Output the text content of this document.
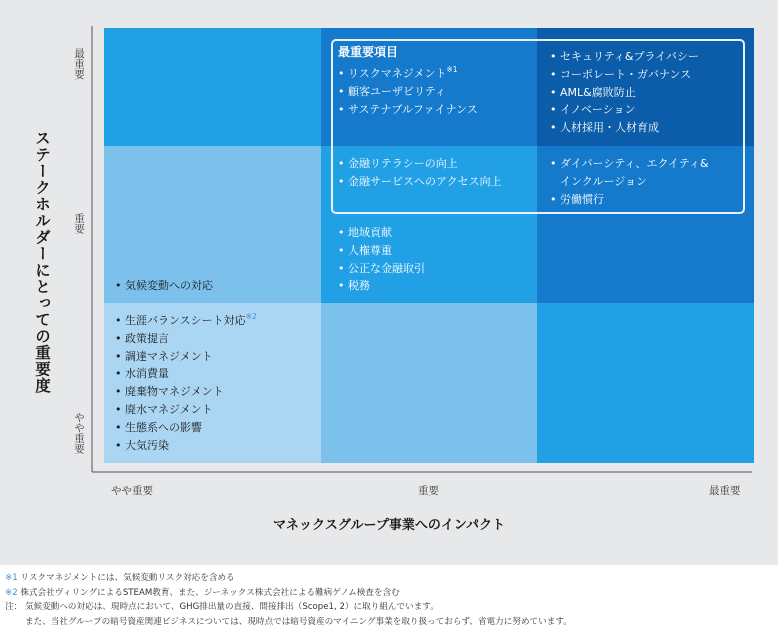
ステークホルダーにとっての重要度
最重要
重要
やや重要
やや重要	重要	最重要
マネックスグループ事業へのインパクト
最重要項目
• リスクマネジメント$^{※1}$
• 顧客ユーザビリティ
• サステナブルファイナンス
• セキュリティ&プライバシー
• コーポレート・ガバナンス
• AML&腐敗防止
• イノベーション
• 人材採用・人材育成
• 金融リテラシーの向上
• 金融サービスへのアクセス向上
• ダイバーシティ、エクイティ&
インクルージョン
• 労働慣行
• 地域貢献
• 人権尊重
• 公正な金融取引
• 税務
• 気候変動への対応
• 生涯バランスシート対応$^{※2}$
• 政策提言
• 調達マネジメント
• 水消費量
• 廃棄物マネジメント
• 廃水マネジメント
• 生態系への影響
• 大気汚染
※1 リスクマネジメントには、気候変動リスク対応を含める
※2 株式会社ヴィリングによるSTEAM教育、また、ジーネックス株式会社による難病ゲノム検査を含む
注： 気候変動への対応は、現時点において、GHG排出量の直接、間接排出（Scope1, 2）に取り組んでいます。
また、当社グループの暗号資産関連ビジネスについては、現時点では暗号資産のマイニング事業を取り扱っておらず、省電力に努めています。
